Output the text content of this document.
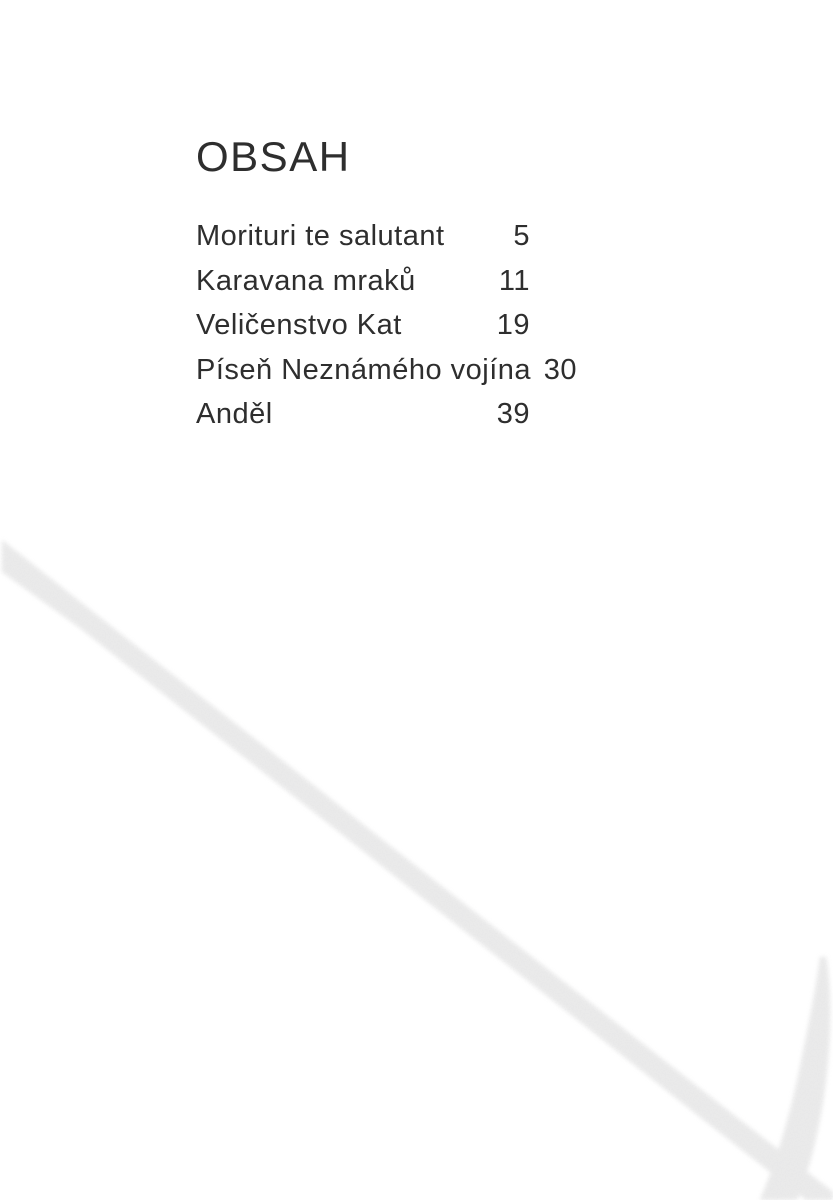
OBSAH
Morituri te salutant	5
Karavana mraků	11
Veličenstvo Kat	19
Píseň Neznámého vojína 30
Anděl	39
